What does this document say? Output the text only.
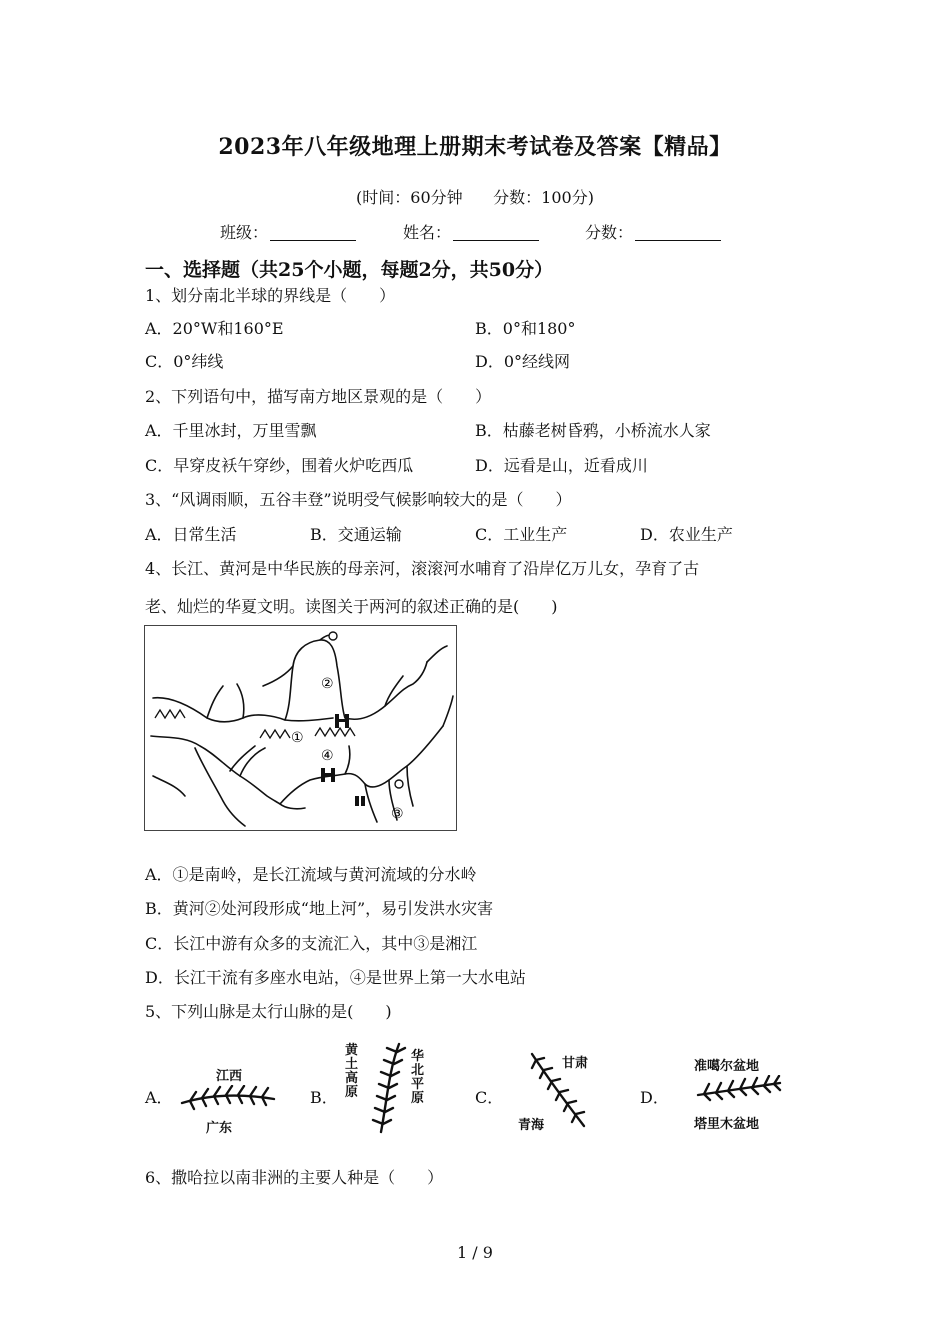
2023年八年级地理上册期末考试卷及答案【精品】
(时间：60分钟 分数：100分)
班级：	姓名：	分数：
一、选择题（共25个小题，每题2分，共50分）
1、划分南北半球的界线是（　　）
A．20°W和160°E	B．0°和180°
C．0°纬线	D．0°经线网
2、下列语句中，描写南方地区景观的是（　　）
A．千里冰封，万里雪飘	B．枯藤老树昏鸦，小桥流水人家
C．早穿皮袄午穿纱，围着火炉吃西瓜	D．远看是山，近看成川
3、“风调雨顺，五谷丰登”说明受气候影响较大的是（　　）
A．日常生活	B．交通运输	C．工业生产	D．农业生产
4、长江、黄河是中华民族的母亲河，滚滚河水哺育了沿岸亿万儿女，孕育了古
老、灿烂的华夏文明。读图关于两河的叙述正确的是(　　)
②
①
④
③
A．①是南岭，是长江流域与黄河流域的分水岭
B．黄河②处河段形成“地上河”，易引发洪水灾害
C．长江中游有众多的支流汇入，其中③是湘江
D．长江干流有多座水电站，④是世界上第一大水电站
5、下列山脉是太行山脉的是(　　)
A．	B．	C．	D．
江西
广东
黄土高原
华北平原
甘肃
青海
准噶尔盆地
塔里木盆地
6、撒哈拉以南非洲的主要人种是（　　）
1 / 9
